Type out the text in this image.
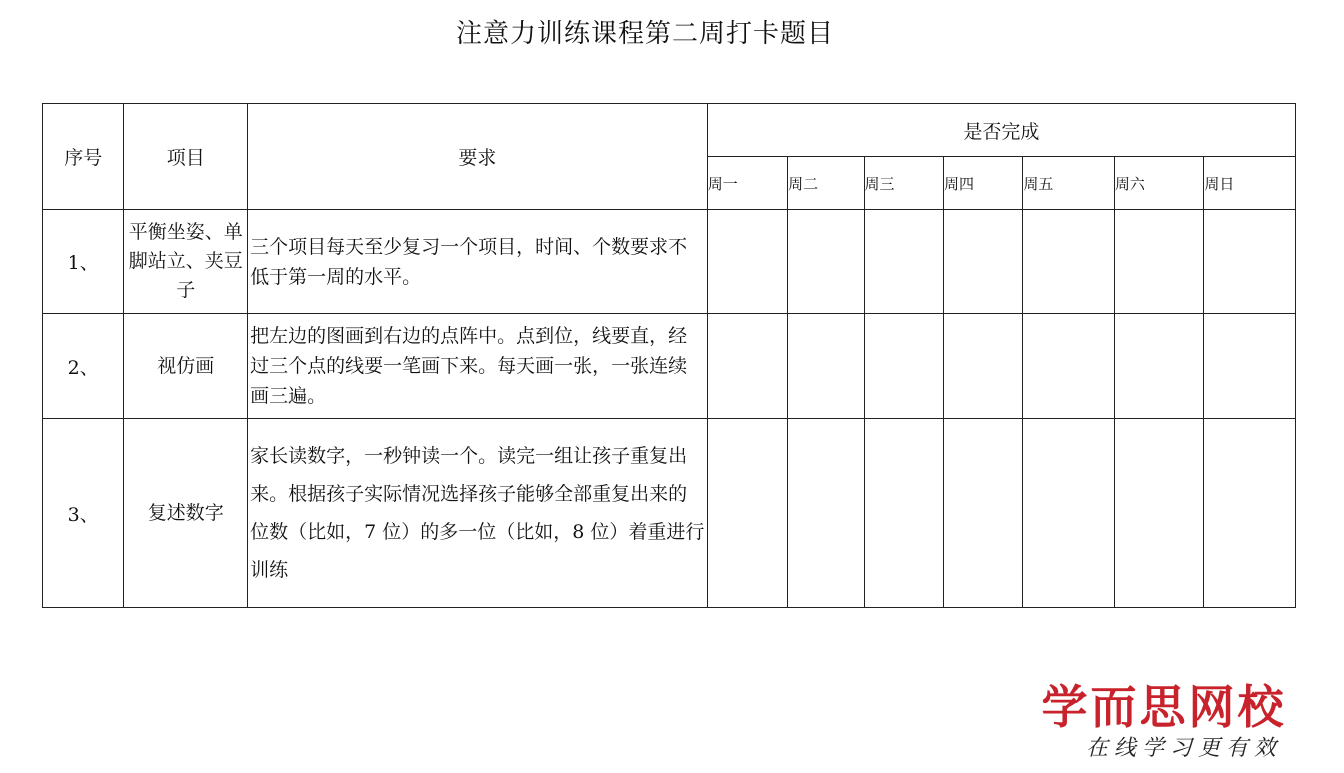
注意力训练课程第二周打卡题目
序号	项目	要求	是否完成						
			周一	周二	周三	周四	周五	周六	周日
1、	平衡坐姿、单脚站立、夹豆子	三个项目每天至少复习一个项目，时间、个数要求不低于第一周的水平。							
2、	视仿画	把左边的图画到右边的点阵中。点到位，线要直，经过三个点的线要一笔画下来。每天画一张，一张连续画三遍。							
3、	复述数字	家长读数字，一秒钟读一个。读完一组让孩子重复出来。根据孩子实际情况选择孩子能够全部重复出来的位数（比如，7 位）的多一位（比如，8 位）着重进行训练							
学而思网校
在线学习更有效
